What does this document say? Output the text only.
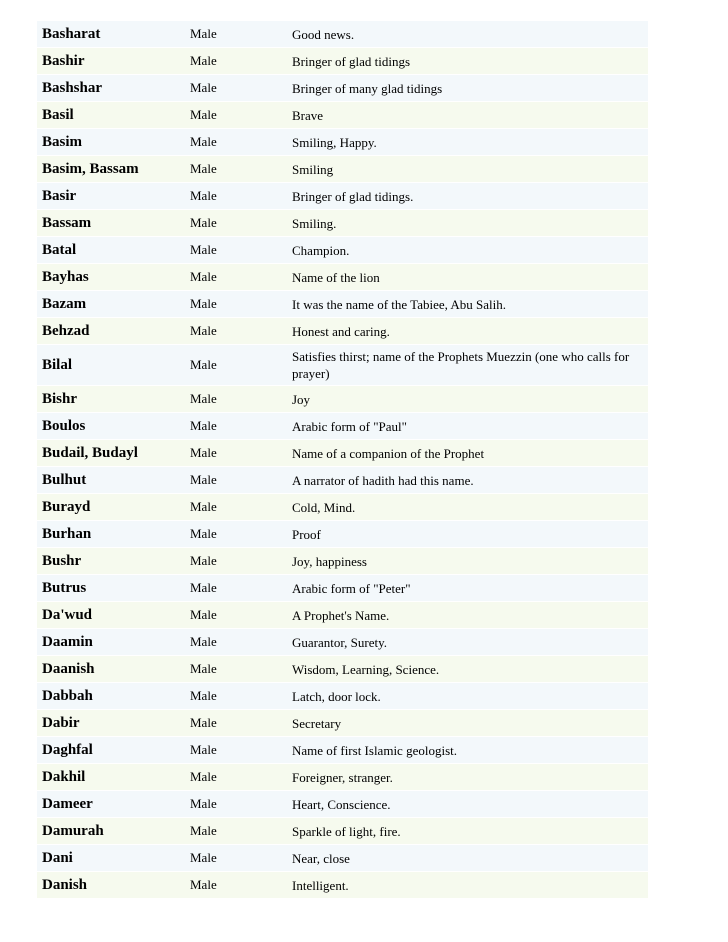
Basharat	Male	Good news.
Bashir	Male	Bringer of glad tidings
Bashshar	Male	Bringer of many glad tidings
Basil	Male	Brave
Basim	Male	Smiling, Happy.
Basim, Bassam	Male	Smiling
Basir	Male	Bringer of glad tidings.
Bassam	Male	Smiling.
Batal	Male	Champion.
Bayhas	Male	Name of the lion
Bazam	Male	It was the name of the Tabiee, Abu Salih.
Behzad	Male	Honest and caring.
Bilal	Male	Satisfies thirst; name of the Prophets Muezzin (one who calls for prayer)
Bishr	Male	Joy
Boulos	Male	Arabic form of "Paul"
Budail, Budayl	Male	Name of a companion of the Prophet
Bulhut	Male	A narrator of hadith had this name.
Burayd	Male	Cold, Mind.
Burhan	Male	Proof
Bushr	Male	Joy, happiness
Butrus	Male	Arabic form of "Peter"
Da'wud	Male	A Prophet's Name.
Daamin	Male	Guarantor, Surety.
Daanish	Male	Wisdom, Learning, Science.
Dabbah	Male	Latch, door lock.
Dabir	Male	Secretary
Daghfal	Male	Name of first Islamic geologist.
Dakhil	Male	Foreigner, stranger.
Dameer	Male	Heart, Conscience.
Damurah	Male	Sparkle of light, fire.
Dani	Male	Near, close
Danish	Male	Intelligent.
